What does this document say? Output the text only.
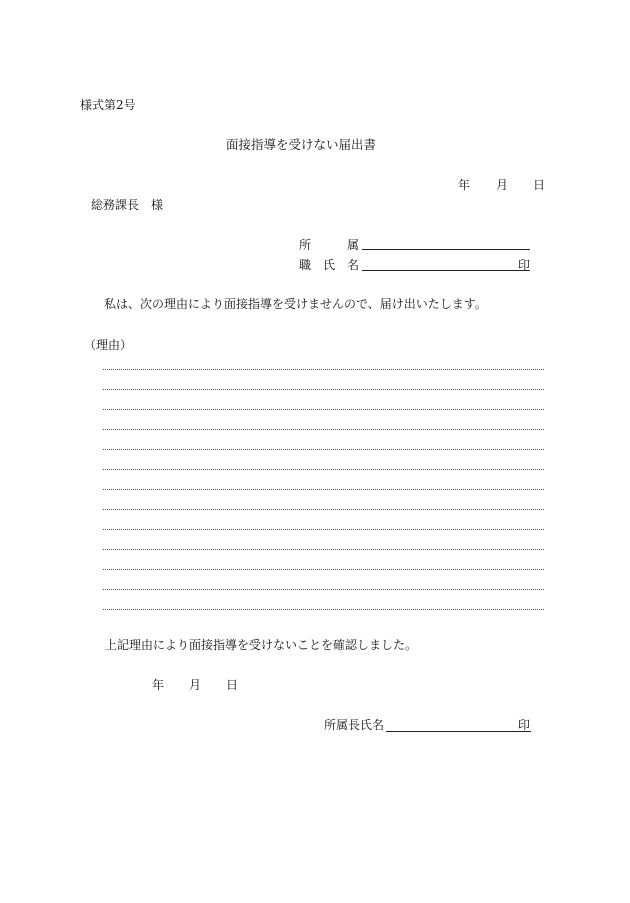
様式第2号
面接指導を受けない届出書
年 月 日
総務課長　様
所　　　属
職　氏　名	印
私は、次の理由により面接指導を受けませんので、届け出いたします。
（理由）
上記理由により面接指導を受けないことを確認しました。
年 月 日
所属長氏名	印
